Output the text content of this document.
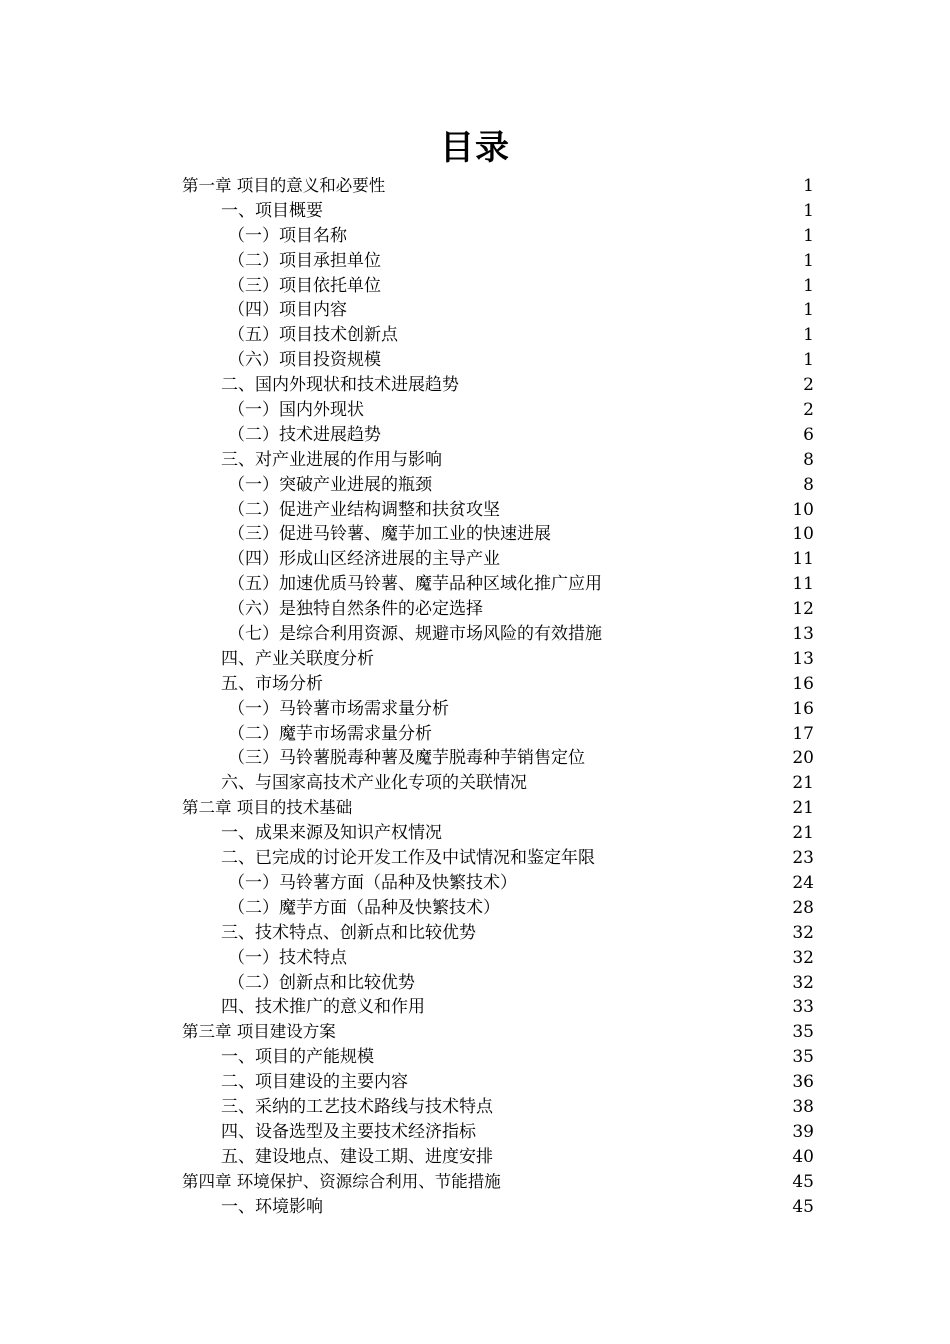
目录
第一章 项目的意义和必要性	1
一、项目概要	1
（一）项目名称	1
（二）项目承担单位	1
（三）项目依托单位	1
（四）项目内容	1
（五）项目技术创新点	1
（六）项目投资规模	1
二、国内外现状和技术进展趋势	2
（一）国内外现状	2
（二）技术进展趋势	6
三、对产业进展的作用与影响	8
（一）突破产业进展的瓶颈	8
（二）促进产业结构调整和扶贫攻坚	10
（三）促进马铃薯、魔芋加工业的快速进展	10
（四）形成山区经济进展的主导产业	11
（五）加速优质马铃薯、魔芋品种区域化推广应用	11
（六）是独特自然条件的必定选择	12
（七）是综合利用资源、规避市场风险的有效措施	13
四、产业关联度分析	13
五、市场分析	16
（一）马铃薯市场需求量分析	16
（二）魔芋市场需求量分析	17
（三）马铃薯脱毒种薯及魔芋脱毒种芋销售定位	20
六、与国家高技术产业化专项的关联情况	21
第二章 项目的技术基础	21
一、成果来源及知识产权情况	21
二、已完成的讨论开发工作及中试情况和鉴定年限	23
（一）马铃薯方面（品种及快繁技术）	24
（二）魔芋方面（品种及快繁技术）	28
三、技术特点、创新点和比较优势	32
（一）技术特点	32
（二）创新点和比较优势	32
四、技术推广的意义和作用	33
第三章 项目建设方案	35
一、项目的产能规模	35
二、项目建设的主要内容	36
三、采纳的工艺技术路线与技术特点	38
四、设备选型及主要技术经济指标	39
五、建设地点、建设工期、进度安排	40
第四章 环境保护、资源综合利用、节能措施	45
一、环境影响	45
